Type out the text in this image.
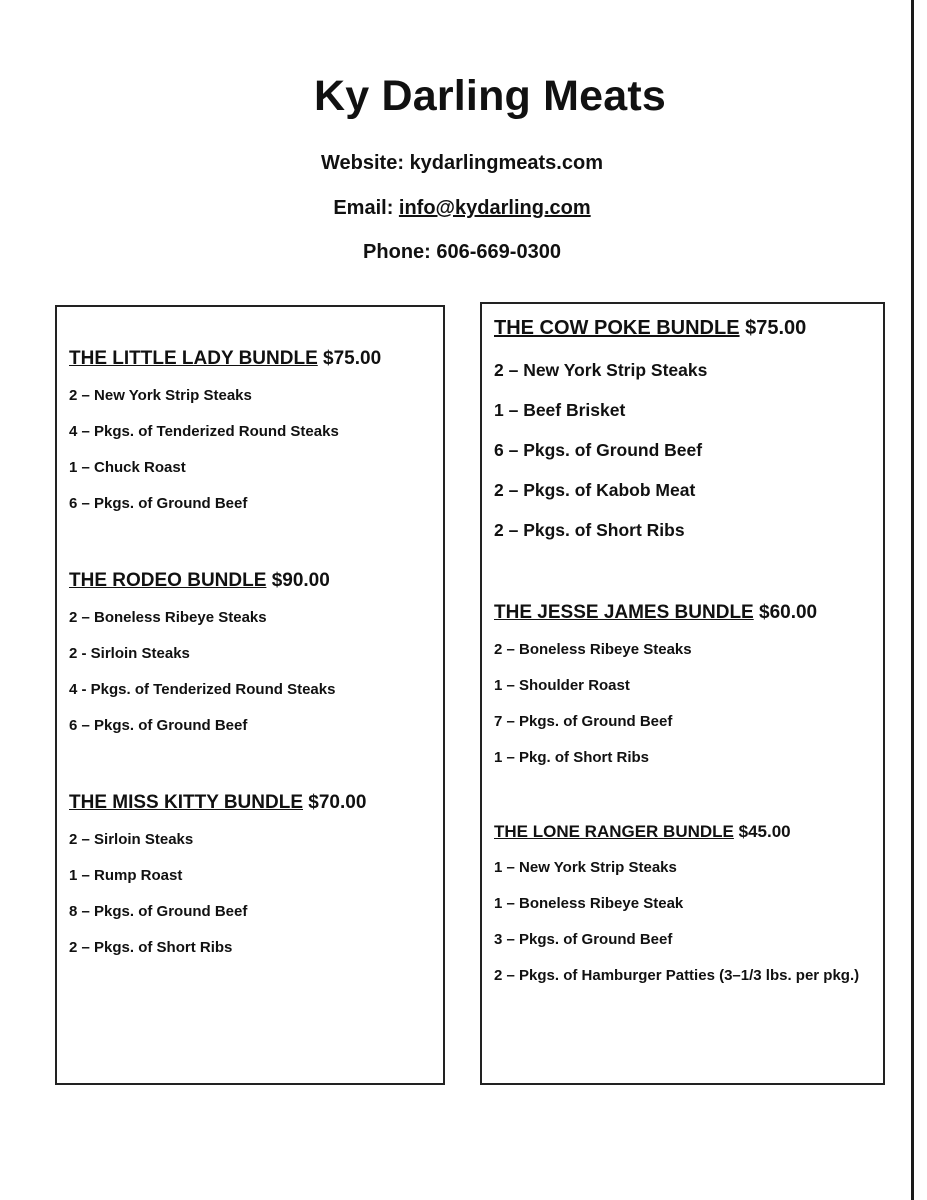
Ky Darling Meats
Website: kydarlingmeats.com
Email: info@kydarling.com
Phone: 606-669-0300
THE LITTLE LADY BUNDLE $75.00
2 – New York Strip Steaks
4 – Pkgs. of Tenderized Round Steaks
1 – Chuck Roast
6 – Pkgs. of Ground Beef
THE RODEO BUNDLE $90.00
2 – Boneless Ribeye Steaks
2 - Sirloin Steaks
4 - Pkgs. of Tenderized Round Steaks
6 – Pkgs. of Ground Beef
THE MISS KITTY BUNDLE $70.00
2 – Sirloin Steaks
1 – Rump Roast
8 – Pkgs. of Ground Beef
2 – Pkgs. of Short Ribs
THE COW POKE BUNDLE $75.00
2 – New York Strip Steaks
1 – Beef Brisket
6 – Pkgs. of Ground Beef
2 – Pkgs. of Kabob Meat
2 – Pkgs. of Short Ribs
THE JESSE JAMES BUNDLE $60.00
2 – Boneless Ribeye Steaks
1 – Shoulder Roast
7 – Pkgs. of Ground Beef
1 – Pkg. of Short Ribs
THE LONE RANGER BUNDLE $45.00
1 – New York Strip Steaks
1 – Boneless Ribeye Steak
3 – Pkgs. of Ground Beef
2 – Pkgs. of Hamburger Patties (3–1/3 lbs. per pkg.)
